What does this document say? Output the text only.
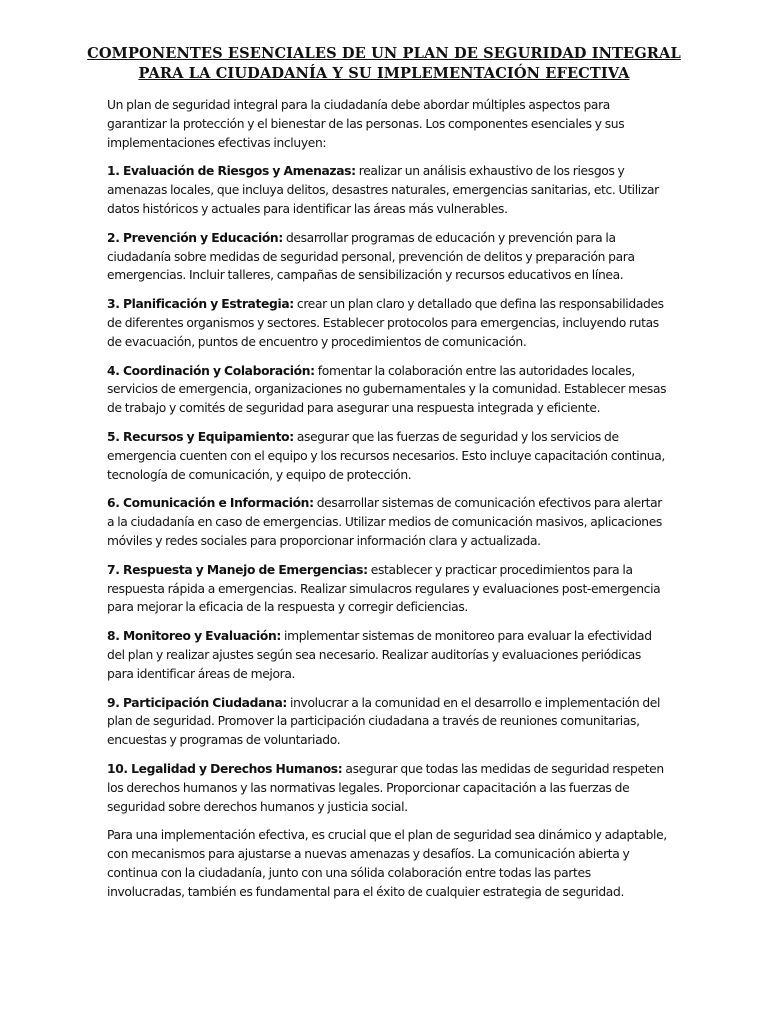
COMPONENTES ESENCIALES DE UN PLAN DE SEGURIDAD INTEGRAL
PARA LA CIUDADANÍA Y SU IMPLEMENTACIÓN EFECTIVA

Un plan de seguridad integral para la ciudadanía debe abordar múltiples aspectos para garantizar la protección y el bienestar de las personas. Los componentes esenciales y sus implementaciones efectivas incluyen:

1. Evaluación de Riesgos y Amenazas: realizar un análisis exhaustivo de los riesgos y amenazas locales, que incluya delitos, desastres naturales, emergencias sanitarias, etc. Utilizar datos históricos y actuales para identificar las áreas más vulnerables.

2. Prevención y Educación: desarrollar programas de educación y prevención para la ciudadanía sobre medidas de seguridad personal, prevención de delitos y preparación para emergencias. Incluir talleres, campañas de sensibilización y recursos educativos en línea.

3. Planificación y Estrategia: crear un plan claro y detallado que defina las responsabilidades de diferentes organismos y sectores. Establecer protocolos para emergencias, incluyendo rutas de evacuación, puntos de encuentro y procedimientos de comunicación.

4. Coordinación y Colaboración: fomentar la colaboración entre las autoridades locales, servicios de emergencia, organizaciones no gubernamentales y la comunidad. Establecer mesas de trabajo y comités de seguridad para asegurar una respuesta integrada y eficiente.

5. Recursos y Equipamiento: asegurar que las fuerzas de seguridad y los servicios de emergencia cuenten con el equipo y los recursos necesarios. Esto incluye capacitación continua, tecnología de comunicación, y equipo de protección.

6. Comunicación e Información: desarrollar sistemas de comunicación efectivos para alertar a la ciudadanía en caso de emergencias. Utilizar medios de comunicación masivos, aplicaciones móviles y redes sociales para proporcionar información clara y actualizada.

7. Respuesta y Manejo de Emergencias: establecer y practicar procedimientos para la respuesta rápida a emergencias. Realizar simulacros regulares y evaluaciones post-emergencia para mejorar la eficacia de la respuesta y corregir deficiencias.

8. Monitoreo y Evaluación: implementar sistemas de monitoreo para evaluar la efectividad del plan y realizar ajustes según sea necesario. Realizar auditorías y evaluaciones periódicas para identificar áreas de mejora.

9. Participación Ciudadana: involucrar a la comunidad en el desarrollo e implementación del plan de seguridad. Promover la participación ciudadana a través de reuniones comunitarias, encuestas y programas de voluntariado.

10. Legalidad y Derechos Humanos: asegurar que todas las medidas de seguridad respeten los derechos humanos y las normativas legales. Proporcionar capacitación a las fuerzas de seguridad sobre derechos humanos y justicia social.

Para una implementación efectiva, es crucial que el plan de seguridad sea dinámico y adaptable, con mecanismos para ajustarse a nuevas amenazas y desafíos. La comunicación abierta y continua con la ciudadanía, junto con una sólida colaboración entre todas las partes involucradas, también es fundamental para el éxito de cualquier estrategia de seguridad.
